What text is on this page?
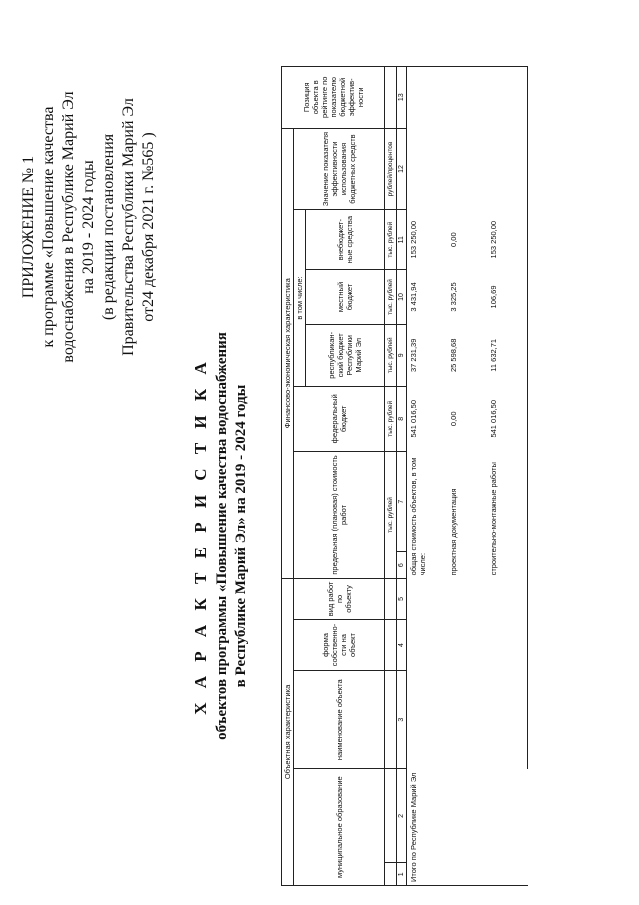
ПРИЛОЖЕНИЕ № 1 к программе «Повышение качества водоснабжения в Республике Марий Эл на 2019 - 2024 годы (в редакции постановления Правительства Республики Марий Эл от24 декабря 2021 г. №565 )
Х А Р А К Т Е Р И С Т И К А объектов программы «Повышение качества водоснабжения в Республике Марий Эл» на 2019 - 2024 годы
Объектная характеристика					Финансово-экономическая характеристика							Позиция объекта в рейтинге по показателю бюджетной эффектив-ности
муниципальное образование		наименование объекта	форма собственно-сти на объект	вид работ по объекту	предельная (плановая) стоимость работ		федеральный бюджет	в том числе:			Значение показателя эффективности использования бюджетных средств	
								республикан-ский бюджет Республики Марий Эл	местный бюджет	внебюджет-ные средства		
					тыс. рублей		тыс. рублей	тыс. рублей	тыс. рублей	тыс. рублей	рублей/процентов	
1	2	3	4	5	6	7	8	9	10	11	12	13
Итого по Республике Марий Эл					общая стоимость объектов, в том числе:		541 016,50	37 231,39	3 431,94	153 250,00		
					проектная документация		0,00	25 598,68	3 325,25	0,00		
					строительно-монтажные работы		541 016,50	11 632,71	106,69	153 250,00		
